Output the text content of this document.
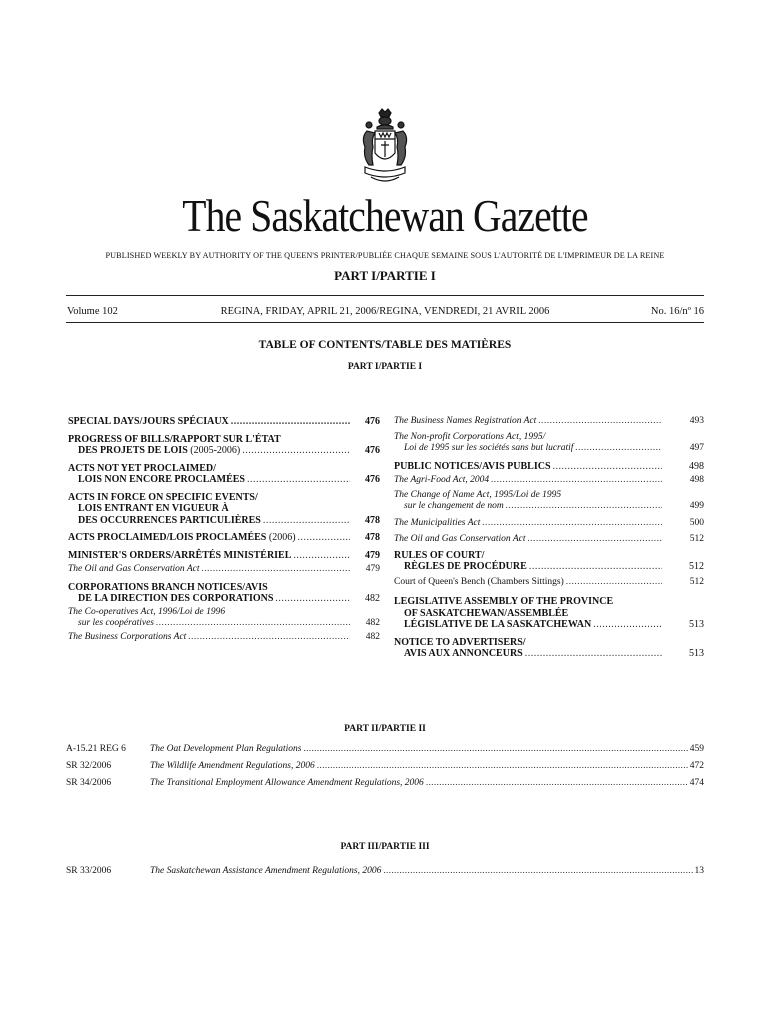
The Saskatchewan Gazette
PUBLISHED WEEKLY BY AUTHORITY OF THE QUEEN'S PRINTER/PUBLIÉE CHAQUE SEMAINE SOUS L'AUTORITÉ DE L'IMPRIMEUR DE LA REINE
PART I/PARTIE I
Volume 102	REGINA, FRIDAY, APRIL 21, 2006/REGINA, VENDREDI, 21 AVRIL 2006	No. 16/nº 16
TABLE OF CONTENTS/TABLE DES MATIÈRES
PART I/PARTIE I
SPECIAL DAYS/JOURS SPÉCIAUX .....	476
PROGRESS OF BILLS/RAPPORT SUR L'ÉTAT
DES PROJETS DE LOIS
(2005-2006) .....	476
ACTS NOT YET PROCLAIMED/
LOIS NON ENCORE PROCLAMÉES .....	476
ACTS IN FORCE ON SPECIFIC EVENTS/
LOIS ENTRANT EN VIGUEUR À
DES OCCURRENCES PARTICULIÈRES .....	478
ACTS PROCLAIMED/LOIS PROCLAMÉES
(2006) .....	478
MINISTER'S ORDERS/ARRÊTÉS MINISTÉRIEL .....	479
The Oil and Gas Conservation Act .....	479
CORPORATIONS BRANCH NOTICES/AVIS
DE LA DIRECTION DES CORPORATIONS .....	482
The Co-operatives Act, 1996/Loi de 1996
sur les coopératives .....	482
The Business Corporations Act .....	482
The Business Names Registration Act .....	493
The Non-profit Corporations Act, 1995/
Loi de 1995 sur les sociétés sans but lucratif .....	497
PUBLIC NOTICES/AVIS PUBLICS .....	498
The Agri-Food Act, 2004 .....	498
The Change of Name Act, 1995/Loi de 1995
sur le changement de nom .....	499
The Municipalities Act .....	500
The Oil and Gas Conservation Act .....	512
RULES OF COURT/
RÈGLES DE PROCÉDURE .....	512
Court of Queen's Bench (Chambers Sittings) .....	512
LEGISLATIVE ASSEMBLY OF THE PROVINCE
OF SASKATCHEWAN/ASSEMBLÉE
LÉGISLATIVE DE LA SASKATCHEWAN .....	513
NOTICE TO ADVERTISERS/
AVIS AUX ANNONCEURS .....	513
PART II/PARTIE II
A-15.21 REG 6	The Oat Development Plan Regulations .....	459
SR 32/2006	The Wildlife Amendment Regulations, 2006 .....	472
SR 34/2006	The Transitional Employment Allowance Amendment Regulations, 2006 .....	474
PART III/PARTIE III
SR 33/2006	The Saskatchewan Assistance Amendment Regulations, 2006 .....	13
